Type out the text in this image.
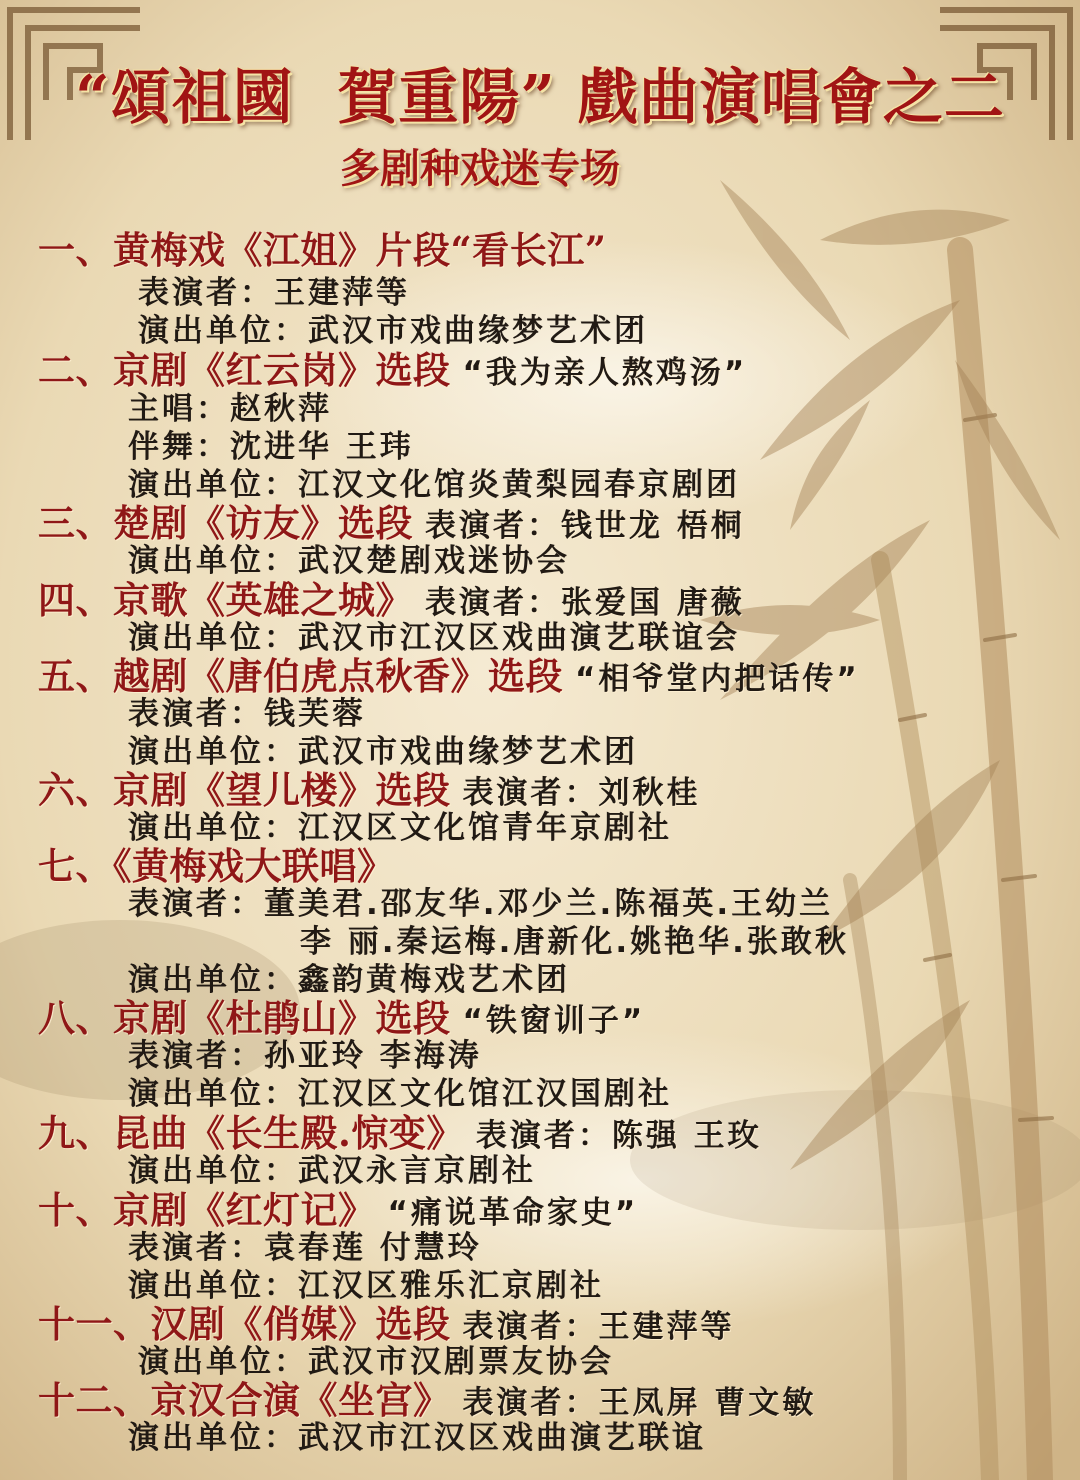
“頌祖國  賀重陽” 戲曲演唱會之二
多剧种戏迷专场
一、黄梅戏《江姐》片段“看长江”
表演者：王建萍等
演出单位：武汉市戏曲缘梦艺术团
二、京剧《红云岗》选段 “我为亲人熬鸡汤”
主唱：赵秋萍
伴舞：沈进华 王玮
演出单位：江汉文化馆炎黄梨园春京剧团
三、楚剧《访友》选段 表演者：钱世龙 梧桐
演出单位：武汉楚剧戏迷协会
四、京歌《英雄之城》 表演者：张爱国 唐薇
演出单位：武汉市江汉区戏曲演艺联谊会
五、越剧《唐伯虎点秋香》选段 “相爷堂内把话传”
表演者：钱芙蓉
演出单位：武汉市戏曲缘梦艺术团
六、京剧《望儿楼》选段 表演者：刘秋桂
演出单位：江汉区文化馆青年京剧社
七、《黄梅戏大联唱》
表演者：董美君.邵友华.邓少兰.陈福英.王幼兰
李 丽.秦运梅.唐新化.姚艳华.张敢秋
演出单位：鑫韵黄梅戏艺术团
八、京剧《杜鹃山》选段 “铁窗训子”
表演者：孙亚玲 李海涛
演出单位：江汉区文化馆江汉国剧社
九、昆曲《长生殿.惊变》 表演者：陈强 王玫
演出单位：武汉永言京剧社
十、京剧《红灯记》 “痛说革命家史”
表演者：袁春莲 付慧玲
演出单位：江汉区雅乐汇京剧社
十一、汉剧《俏媒》选段 表演者：王建萍等
演出单位：武汉市汉剧票友协会
十二、京汉合演《坐宫》 表演者：王凤屏 曹文敏
演出单位：武汉市江汉区戏曲演艺联谊
